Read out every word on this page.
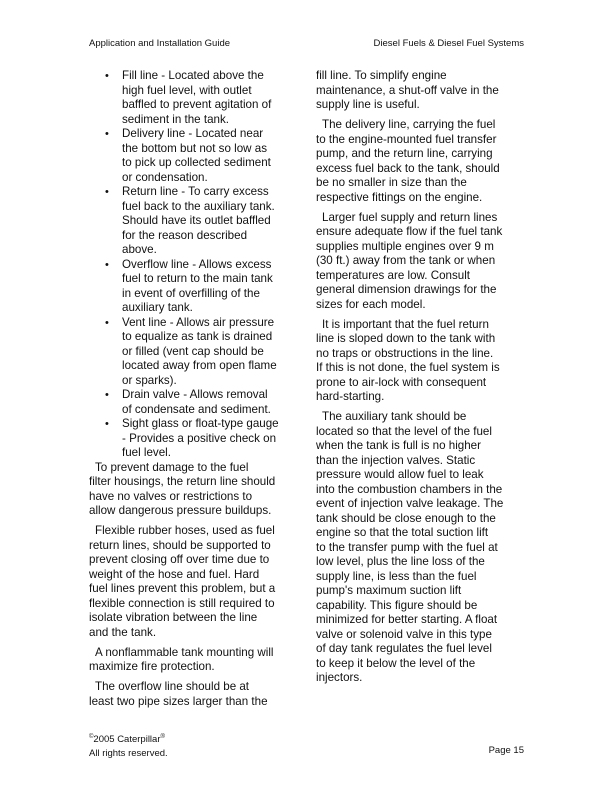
Application and Installation Guide	Diesel Fuels & Diesel Fuel Systems
• Fill line - Located above the
high fuel level, with outlet
baffled to prevent agitation of
sediment in the tank.
• Delivery line - Located near
the bottom but not so low as
to pick up collected sediment
or condensation.
• Return line - To carry excess
fuel back to the auxiliary tank.
Should have its outlet baffled
for the reason described
above.
• Overflow line - Allows excess
fuel to return to the main tank
in event of overfilling of the
auxiliary tank.
• Vent line - Allows air pressure
to equalize as tank is drained
or filled (vent cap should be
located away from open flame
or sparks).
• Drain valve - Allows removal
of condensate and sediment.
• Sight glass or float-type gauge
- Provides a positive check on
fuel level.
To prevent damage to the fuel
filter housings, the return line should
have no valves or restrictions to
allow dangerous pressure buildups.
Flexible rubber hoses, used as fuel
return lines, should be supported to
prevent closing off over time due to
weight of the hose and fuel. Hard
fuel lines prevent this problem, but a
flexible connection is still required to
isolate vibration between the line
and the tank.
A nonflammable tank mounting will
maximize fire protection.
The overflow line should be at
least two pipe sizes larger than the
fill line. To simplify engine
maintenance, a shut-off valve in the
supply line is useful.
The delivery line, carrying the fuel
to the engine-mounted fuel transfer
pump, and the return line, carrying
excess fuel back to the tank, should
be no smaller in size than the
respective fittings on the engine.
Larger fuel supply and return lines
ensure adequate flow if the fuel tank
supplies multiple engines over 9 m
(30 ft.) away from the tank or when
temperatures are low. Consult
general dimension drawings for the
sizes for each model.
It is important that the fuel return
line is sloped down to the tank with
no traps or obstructions in the line.
If this is not done, the fuel system is
prone to air-lock with consequent
hard-starting.
The auxiliary tank should be
located so that the level of the fuel
when the tank is full is no higher
than the injection valves. Static
pressure would allow fuel to leak
into the combustion chambers in the
event of injection valve leakage. The
tank should be close enough to the
engine so that the total suction lift
to the transfer pump with the fuel at
low level, plus the line loss of the
supply line, is less than the fuel
pump's maximum suction lift
capability. This figure should be
minimized for better starting. A float
valve or solenoid valve in this type
of day tank regulates the fuel level
to keep it below the level of the
injectors.
©2005 Caterpillar®
All rights reserved.	Page 15
